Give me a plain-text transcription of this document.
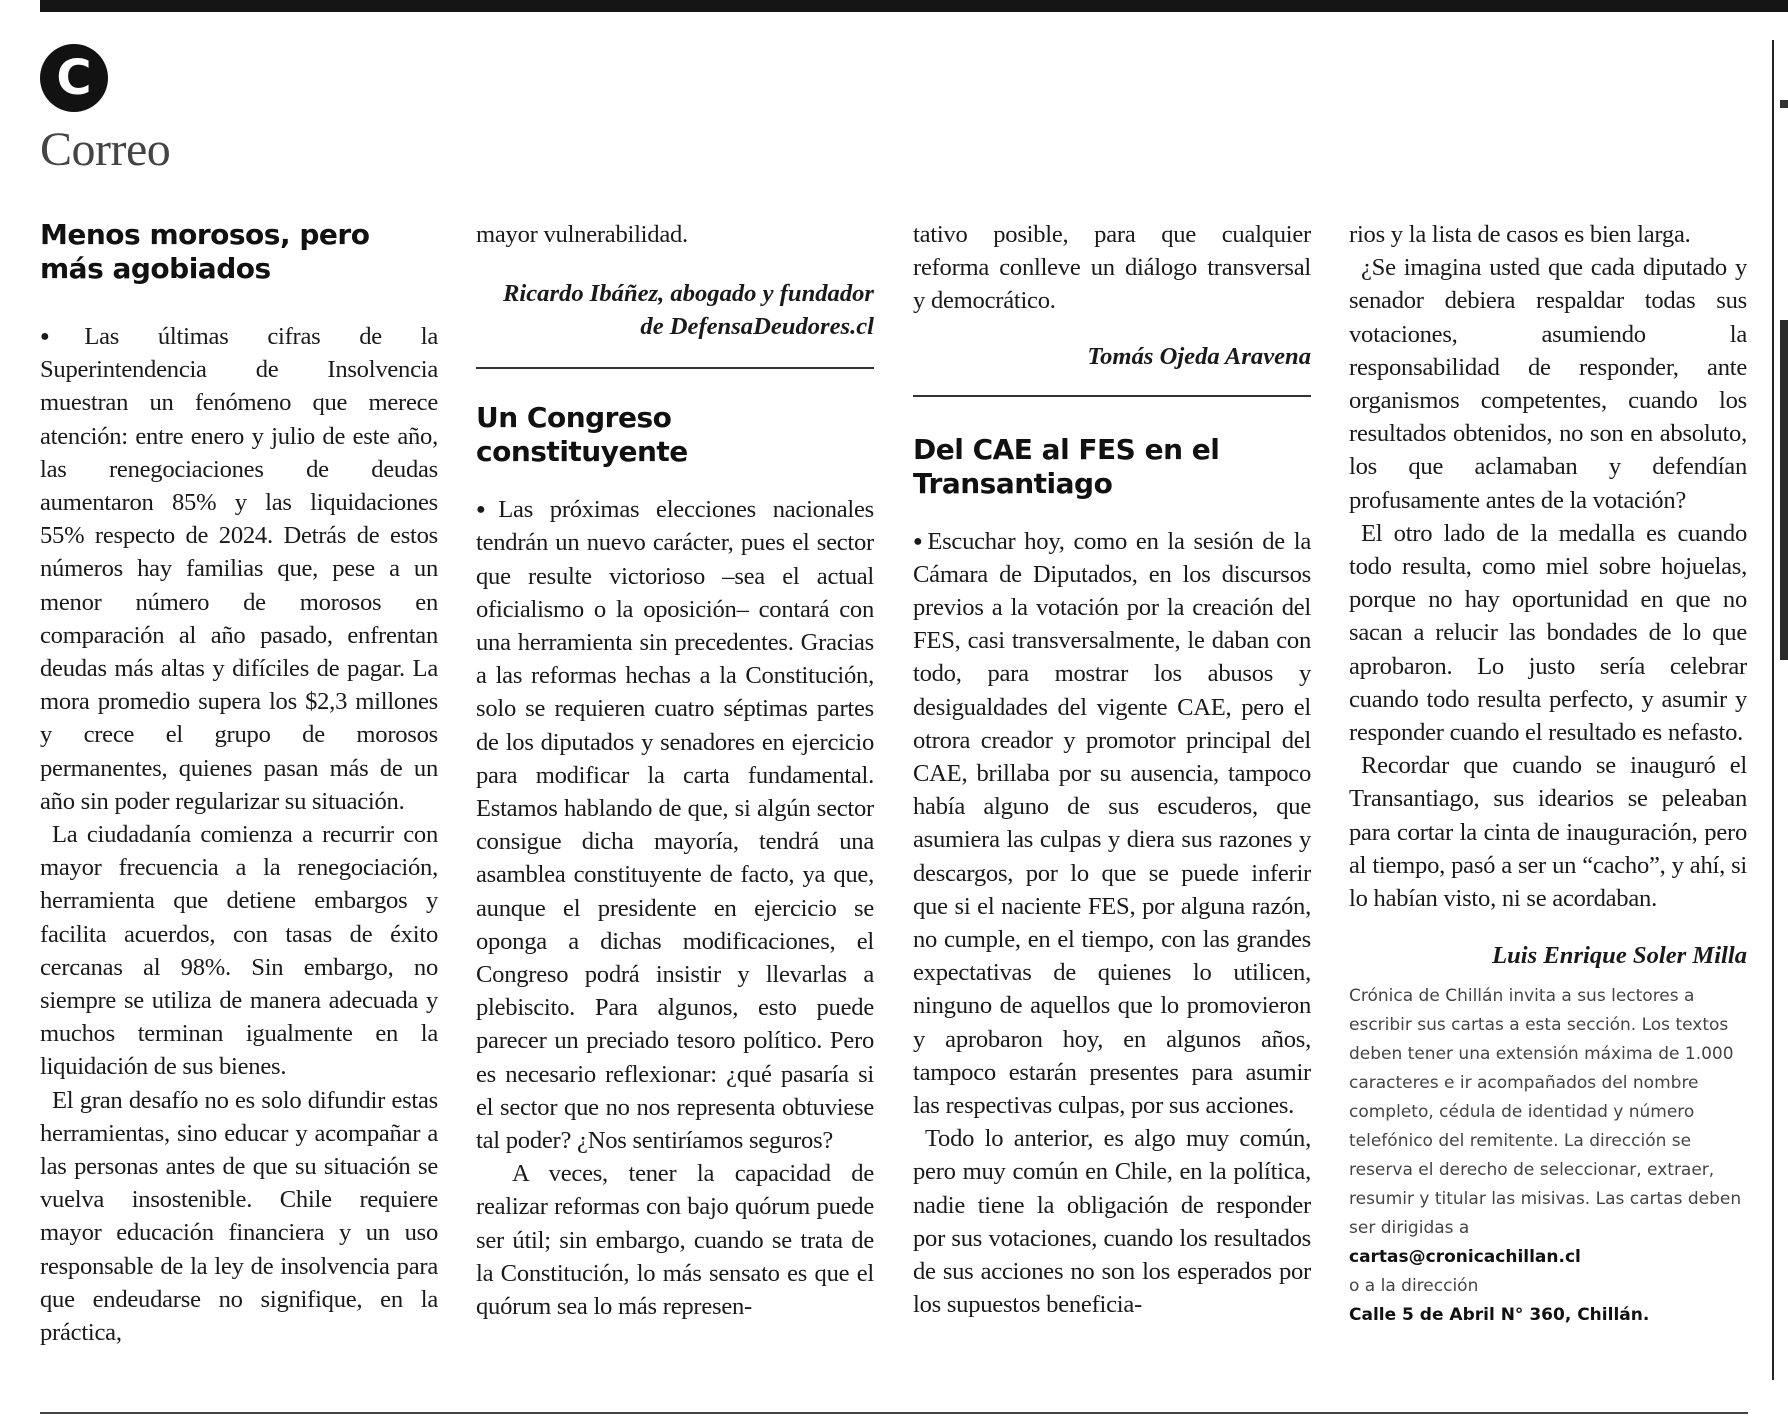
C
Correo
Menos morosos, pero más agobiados

● Las últimas cifras de la Superintendencia de Insolvencia muestran un fenómeno que merece atención: entre enero y julio de este año, las renegociaciones de deudas aumentaron 85% y las liquidaciones 55% respecto de 2024. Detrás de estos números hay familias que, pese a un menor número de morosos en comparación al año pasado, enfrentan deudas más altas y difíciles de pagar. La mora promedio supera los $2,3 millones y crece el grupo de morosos permanentes, quienes pasan más de un año sin poder regularizar su situación.

La ciudadanía comienza a recurrir con mayor frecuencia a la renegociación, herramienta que detiene embargos y facilita acuerdos, con tasas de éxito cercanas al 98%. Sin embargo, no siempre se utiliza de manera adecuada y muchos terminan igualmente en la liquidación de sus bienes.

El gran desafío no es solo difundir estas herramientas, sino educar y acompañar a las personas antes de que su situación se vuelva insostenible. Chile requiere mayor educación financiera y un uso responsable de la ley de insolvencia para que endeudarse no signifique, en la práctica,

mayor vulnerabilidad.

Ricardo Ibáñez, abogado y fundador de DefensaDeudores.cl

Un Congreso constituyente

● Las próximas elecciones nacionales tendrán un nuevo carácter, pues el sector que resulte victorioso –sea el actual oficialismo o la oposición– contará con una herramienta sin precedentes. Gracias a las reformas hechas a la Constitución, solo se requieren cuatro séptimas partes de los diputados y senadores en ejercicio para modificar la carta fundamental. Estamos hablando de que, si algún sector consigue dicha mayoría, tendrá una asamblea constituyente de facto, ya que, aunque el presidente en ejercicio se oponga a dichas modificaciones, el Congreso podrá insistir y llevarlas a plebiscito. Para algunos, esto puede parecer un preciado tesoro político. Pero es necesario reflexionar: ¿qué pasaría si el sector que no nos representa obtuviese tal poder? ¿Nos sentiríamos seguros?

A veces, tener la capacidad de realizar reformas con bajo quórum puede ser útil; sin embargo, cuando se trata de la Constitución, lo más sensato es que el quórum sea lo más represen-

tativo posible, para que cualquier reforma conlleve un diálogo transversal y democrático.

Tomás Ojeda Aravena

Del CAE al FES en el Transantiago

● Escuchar hoy, como en la sesión de la Cámara de Diputados, en los discursos previos a la votación por la creación del FES, casi transversalmente, le daban con todo, para mostrar los abusos y desigualdades del vigente CAE, pero el otrora creador y promotor principal del CAE, brillaba por su ausencia, tampoco había alguno de sus escuderos, que asumiera las culpas y diera sus razones y descargos, por lo que se puede inferir que si el naciente FES, por alguna razón, no cumple, en el tiempo, con las grandes expectativas de quienes lo utilicen, ninguno de aquellos que lo promovieron y aprobaron hoy, en algunos años, tampoco estarán presentes para asumir las respectivas culpas, por sus acciones.

Todo lo anterior, es algo muy común, pero muy común en Chile, en la política, nadie tiene la obligación de responder por sus votaciones, cuando los resultados de sus acciones no son los esperados por los supuestos beneficia-

rios y la lista de casos es bien larga.

¿Se imagina usted que cada diputado y senador debiera respaldar todas sus votaciones, asumiendo la responsabilidad de responder, ante organismos competentes, cuando los resultados obtenidos, no son en absoluto, los que aclamaban y defendían profusamente antes de la votación?

El otro lado de la medalla es cuando todo resulta, como miel sobre hojuelas, porque no hay oportunidad en que no sacan a relucir las bondades de lo que aprobaron. Lo justo sería celebrar cuando todo resulta perfecto, y asumir y responder cuando el resultado es nefasto.

Recordar que cuando se inauguró el Transantiago, sus idearios se peleaban para cortar la cinta de inauguración, pero al tiempo, pasó a ser un “cacho”, y ahí, si lo habían visto, ni se acordaban.

Luis Enrique Soler Milla

Crónica de Chillán invita a sus lectores a escribir sus cartas a esta sección. Los textos deben tener una extensión máxima de 1.000 caracteres e ir acompañados del nombre completo, cédula de identidad y número telefónico del remitente. La dirección se reserva el derecho de seleccionar, extraer, resumir y titular las misivas. Las cartas deben ser dirigidas a
cartas@cronicachillan.cl
o a la dirección
Calle 5 de Abril N° 360, Chillán.
